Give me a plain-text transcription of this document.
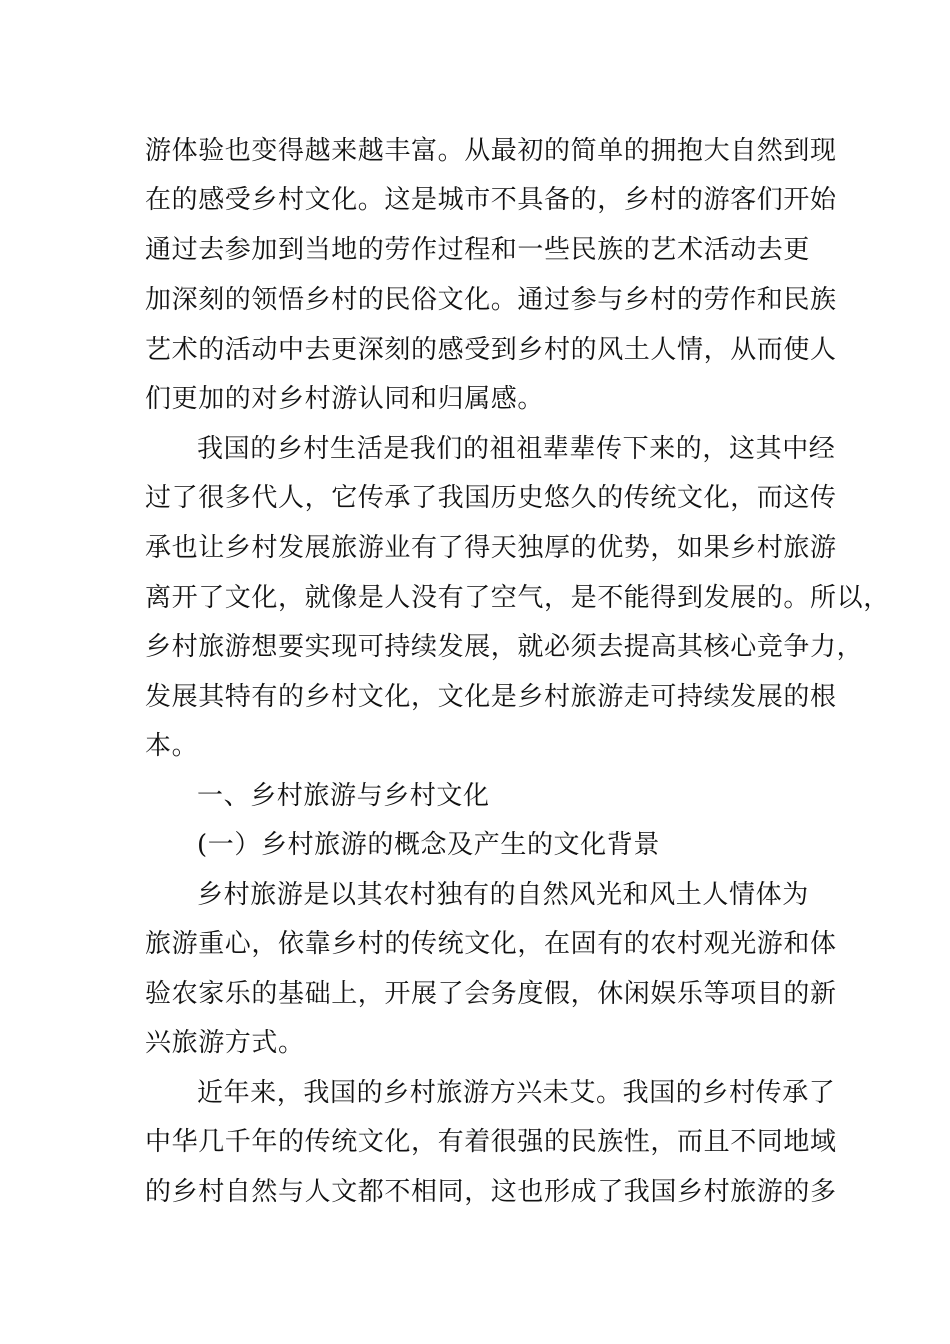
游体验也变得越来越丰富。从最初的简单的拥抱大自然到现
在的感受乡村文化。这是城市不具备的，乡村的游客们开始
通过去参加到当地的劳作过程和一些民族的艺术活动去更
加深刻的领悟乡村的民俗文化。通过参与乡村的劳作和民族
艺术的活动中去更深刻的感受到乡村的风土人情，从而使人
们更加的对乡村游认同和归属感。
我国的乡村生活是我们的祖祖辈辈传下来的，这其中经
过了很多代人，它传承了我国历史悠久的传统文化，而这传
承也让乡村发展旅游业有了得天独厚的优势，如果乡村旅游
离开了文化，就像是人没有了空气，是不能得到发展的。所以，
乡村旅游想要实现可持续发展，就必须去提高其核心竞争力，
发展其特有的乡村文化，文化是乡村旅游走可持续发展的根
本。
一、乡村旅游与乡村文化
(一）乡村旅游的概念及产生的文化背景
乡村旅游是以其农村独有的自然风光和风土人情体为
旅游重心，依靠乡村的传统文化，在固有的农村观光游和体
验农家乐的基础上，开展了会务度假，休闲娱乐等项目的新
兴旅游方式。
近年来，我国的乡村旅游方兴未艾。我国的乡村传承了
中华几千年的传统文化，有着很强的民族性，而且不同地域
的乡村自然与人文都不相同，这也形成了我国乡村旅游的多
